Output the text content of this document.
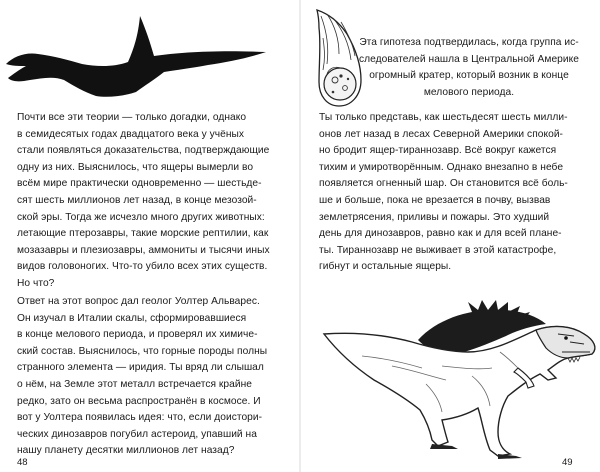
Почти все эти теории — только догадки, однако
в семидесятых годах двадцатого века у учёных
стали появляться доказательства, подтверждающие
одну из них. Выяснилось, что ящеры вымерли во
всём мире практически одновременно — шестьде-
сят шесть миллионов лет назад, в конце мезозой-
ской эры. Тогда же исчезло много других животных:
летающие птерозавры, такие морские рептилии, как
мозазавры и плезиозавры, аммониты и тысячи иных
видов головоногих. Что-то убило всех этих существ.
Но что?

Ответ на этот вопрос дал геолог Уолтер Альварес.
Он изучал в Италии скалы, сформировавшиеся
в конце мелового периода, и проверял их химиче-
ский состав. Выяснилось, что горные породы полны
странного элемента — иридия. Ты вряд ли слышал
о нём, на Земле этот металл встречается крайне
редко, зато он весьма распространён в космосе. И
вот у Уолтера появилась идея: что, если доистори-
ческих динозавров погубил астероид, упавший на
нашу планету десятки миллионов лет назад?

48

Эта гипотеза подтвердилась, когда группа ис-
следователей нашла в Центральной Америке
огромный кратер, который возник в конце
мелового периода.

Ты только представь, как шестьдесят шесть милли-
онов лет назад в лесах Северной Америки спокой-
но бродит ящер-тираннозавр. Всё вокруг кажется
тихим и умиротворённым. Однако внезапно в небе
появляется огненный шар. Он становится всё боль-
ше и больше, пока не врезается в почву, вызвав
землетрясения, приливы и пожары. Это худший
день для динозавров, равно как и для всей плане-
ты. Тираннозавр не выживает в этой катастрофе,
гибнут и остальные ящеры.

49
